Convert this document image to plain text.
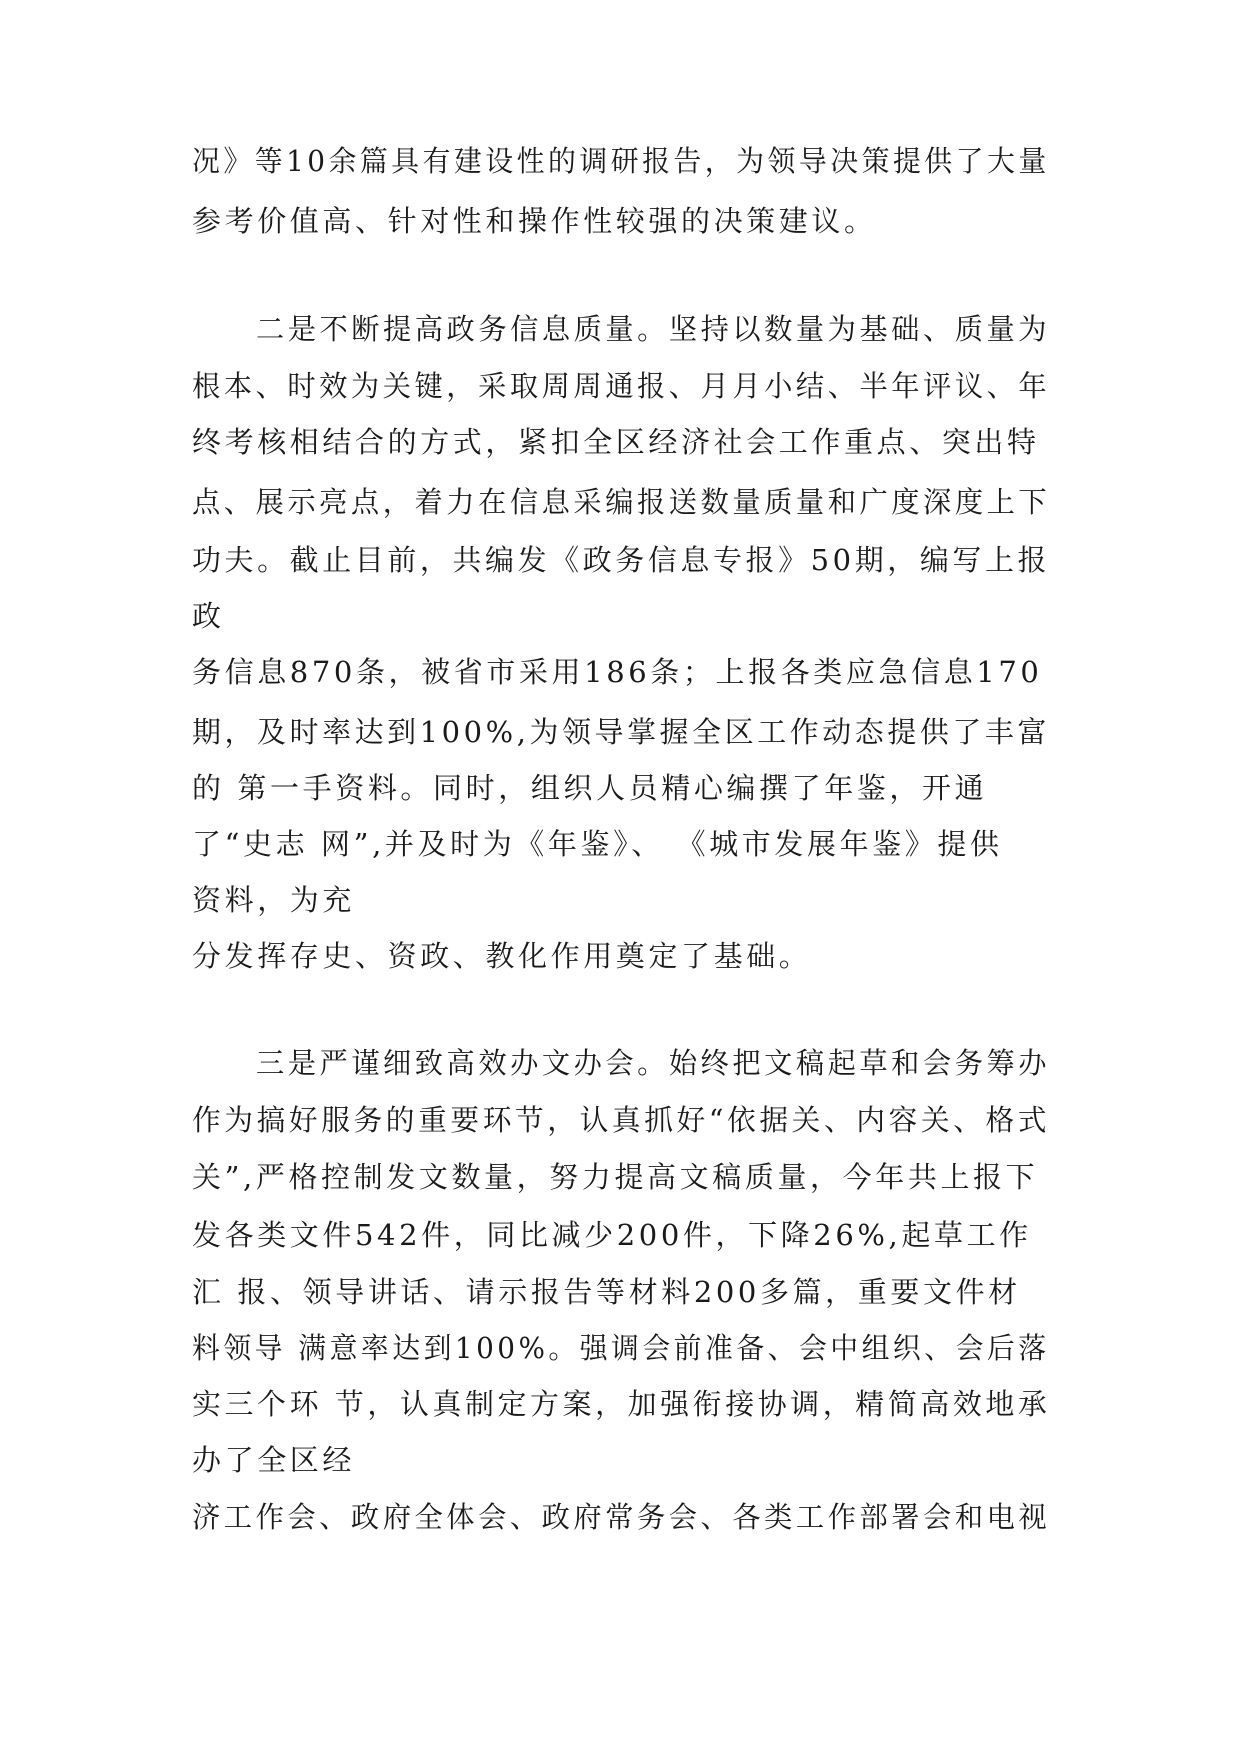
况》等10余篇具有建设性的调研报告，为领导决策提供了大量
参考价值高、针对性和操作性较强的决策建议。
二是不断提高政务信息质量。坚持以数量为基础、质量为
根本、时效为关键，采取周周通报、月月小结、半年评议、年
终考核相结合的方式，紧扣全区经济社会工作重点、突出特
点、展示亮点，着力在信息采编报送数量质量和广度深度上下
功夫。截止目前，共编发《政务信息专报》50期，编写上报
政
务信息870条，被省市采用186条；上报各类应急信息170
期，及时率达到100%,为领导掌握全区工作动态提供了丰富
的 第一手资料。同时，组织人员精心编撰了年鉴，开通
了“史志 网”,并及时为《年鉴》、 《城市发展年鉴》提供
资料，为充
分发挥存史、资政、教化作用奠定了基础。
三是严谨细致高效办文办会。始终把文稿起草和会务筹办
作为搞好服务的重要环节，认真抓好“依据关、内容关、格式
关”,严格控制发文数量，努力提高文稿质量，今年共上报下
发各类文件542件，同比减少200件，下降26%,起草工作
汇 报、领导讲话、请示报告等材料200多篇，重要文件材
料领导 满意率达到100%。强调会前准备、会中组织、会后落
实三个环 节，认真制定方案，加强衔接协调，精简高效地承
办了全区经
济工作会、政府全体会、政府常务会、各类工作部署会和电视
